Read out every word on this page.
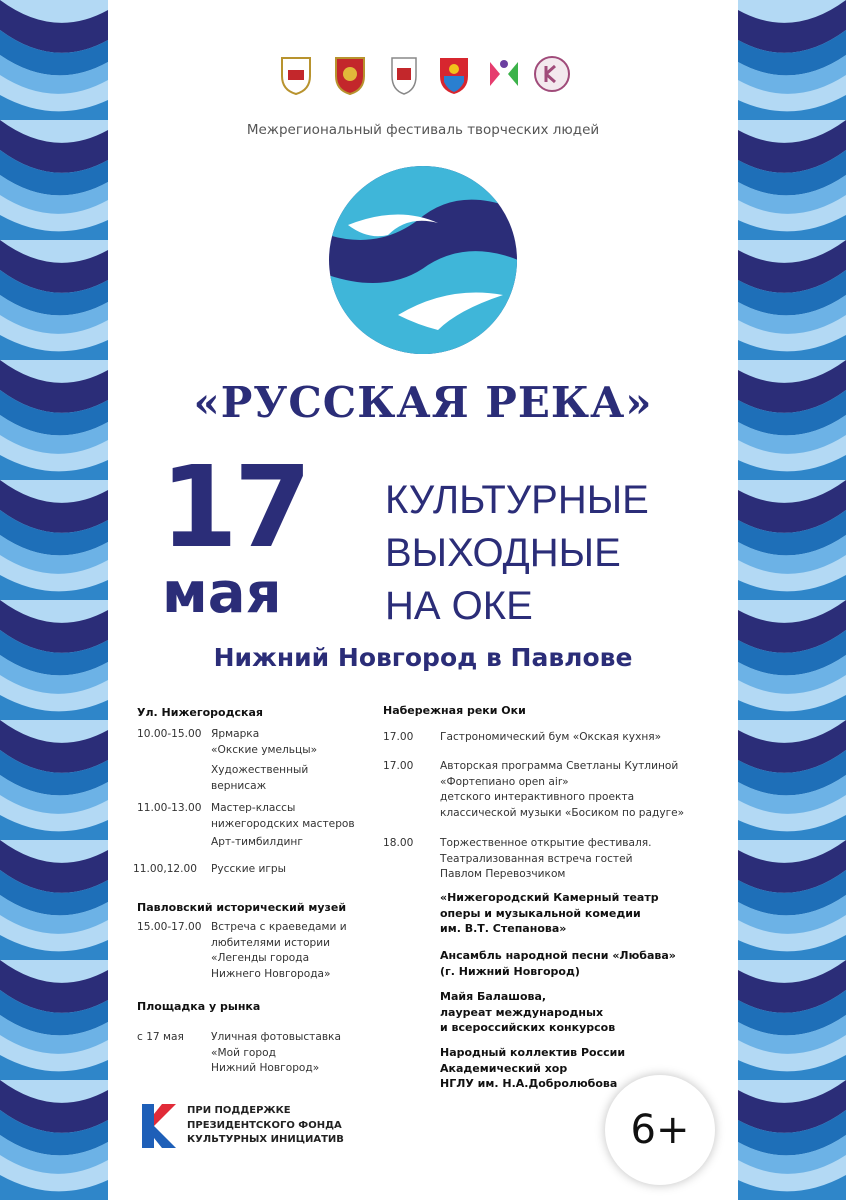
Межрегиональный фестиваль творческих людей
«РУССКАЯ РЕКА»
17
мая
КУЛЬТУРНЫЕ
ВЫХОДНЫЕ
НА ОКЕ
Нижний Новгород в Павлове
Ул. Нижегородская
10.00-15.00 Ярмарка
«Окские умельцы»
Художественный
вернисаж
11.00-13.00 Мастер-классы
нижегородских мастеров
Арт-тимбилдинг
11.00,12.00 Русские игры
Павловский исторический музей
15.00-17.00 Встреча с краеведами и
любителями истории
«Легенды города
Нижнего Новгорода»
Площадка у рынка
с 17 мая	Уличная фотовыставка
«Мой город
Нижний Новгород»
Набережная реки Оки
17.00	Гастрономический бум «Окская кухня»
17.00	Авторская программа Светланы Кутлиной
«Фортепиано open air»
детского интерактивного проекта
классической музыки «Босиком по радуге»
18.00	Торжественное открытие фестиваля.
Театрализованная встреча гостей
Павлом Перевозчиком
«Нижегородский Камерный театр
оперы и музыкальной комедии
им. В.Т. Степанова»
Ансамбль народной песни «Любава»
(г. Нижний Новгород)
Майя Балашова,
лауреат международных
и всероссийских конкурсов
Народный коллектив России
Академический хор
НГЛУ им. Н.А.Добролюбова
ПРИ ПОДДЕРЖКЕ
ПРЕЗИДЕНТСКОГО ФОНДА
КУЛЬТУРНЫХ ИНИЦИАТИВ	6+
